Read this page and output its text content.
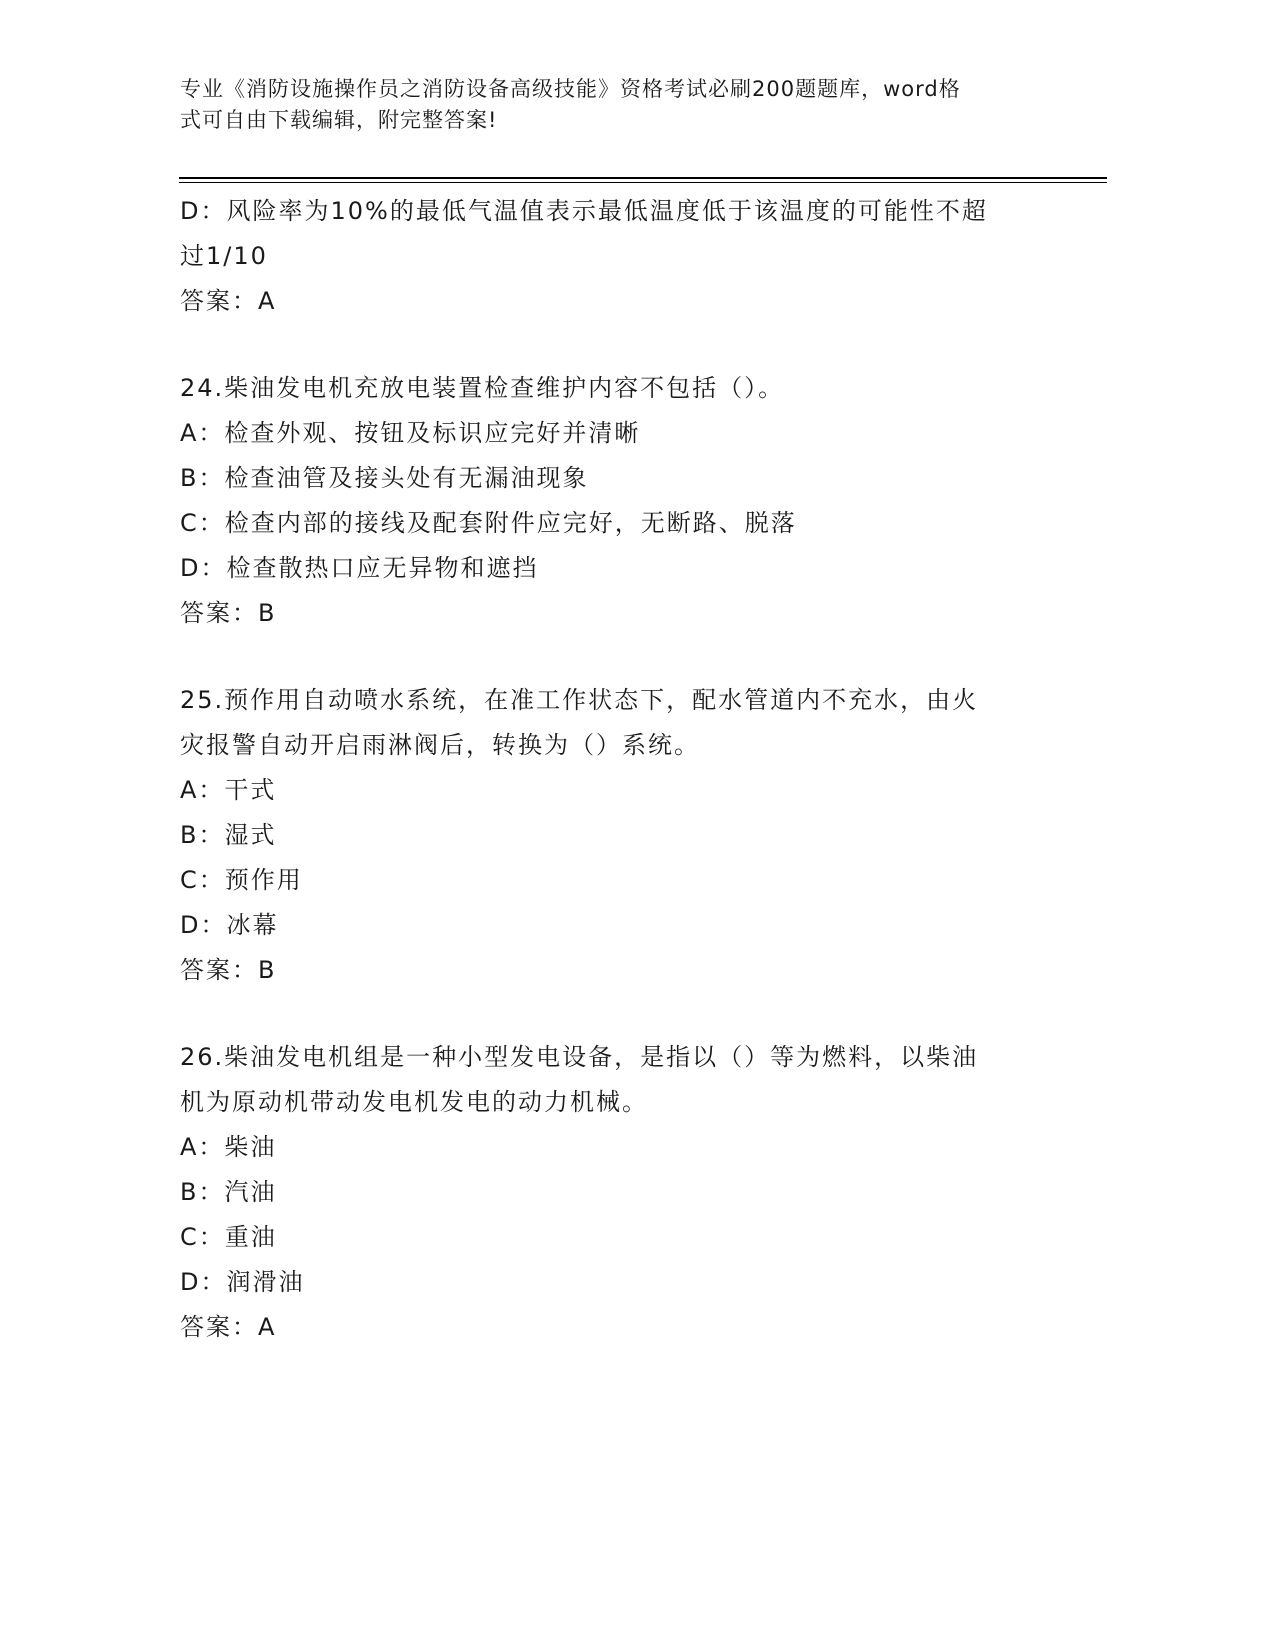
专业《消防设施操作员之消防设备高级技能》资格考试必刷200题题库，word格
式可自由下载编辑，附完整答案!
D：风险率为10%的最低气温值表示最低温度低于该温度的可能性不超
过1/10
答案：A
24.柴油发电机充放电装置检查维护内容不包括（）。
A：检查外观、按钮及标识应完好并清晰
B：检查油管及接头处有无漏油现象
C：检查内部的接线及配套附件应完好，无断路、脱落
D：检查散热口应无异物和遮挡
答案：B
25.预作用自动喷水系统，在准工作状态下，配水管道内不充水，由火
灾报警自动开启雨淋阀后，转换为（）系统。
A：干式
B：湿式
C：预作用
D：冰幕
答案：B
26.柴油发电机组是一种小型发电设备，是指以（）等为燃料，以柴油
机为原动机带动发电机发电的动力机械。
A：柴油
B：汽油
C：重油
D：润滑油
答案：A
